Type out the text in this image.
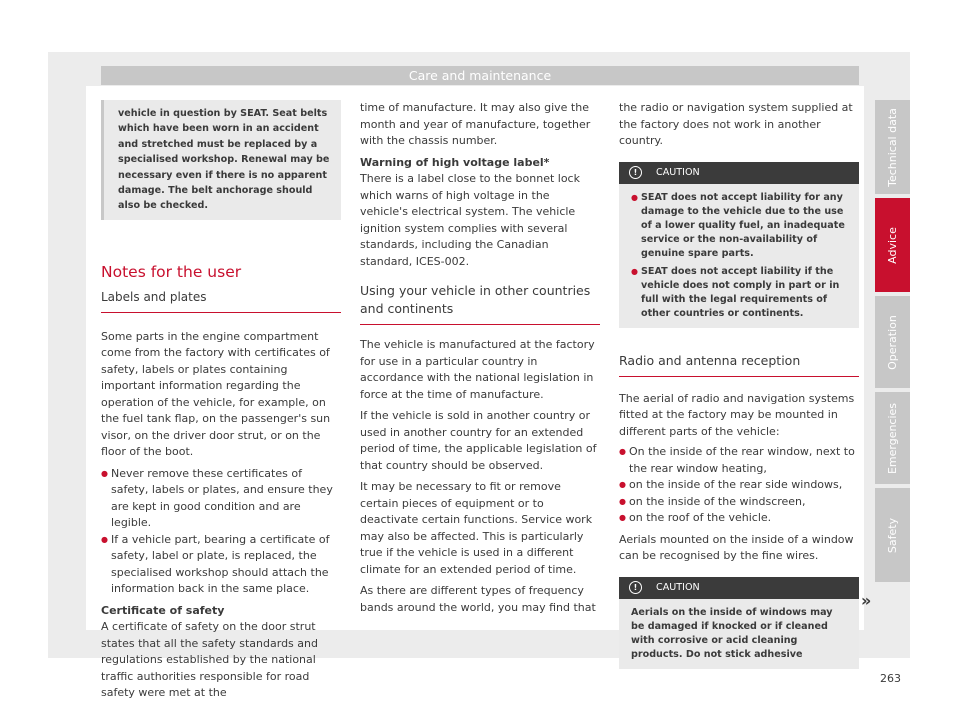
Care and maintenance
vehicle in question by SEAT. Seat belts which have been worn in an accident and stretched must be replaced by a specialised workshop. Renewal may be necessary even if there is no apparent damage. The belt anchorage should also be checked.

Notes for the user

Labels and plates

Some parts in the engine compartment come from the factory with certificates of safety, labels or plates containing important information regarding the operation of the vehicle, for example, on the fuel tank flap, on the passenger's sun visor, on the driver door strut, or on the floor of the boot.

● Never remove these certificates of safety, labels or plates, and ensure they are kept in good condition and are legible.

● If a vehicle part, bearing a certificate of safety, label or plate, is replaced, the specialised workshop should attach the information back in the same place.

Certificate of safety

A certificate of safety on the door strut states that all the safety standards and regulations established by the national traffic authorities responsible for road safety were met at the

time of manufacture. It may also give the month and year of manufacture, together with the chassis number.

Warning of high voltage label*

There is a label close to the bonnet lock which warns of high voltage in the vehicle's electrical system. The vehicle ignition system complies with several standards, including the Canadian standard, ICES-002.

Using your vehicle in other countries and continents

The vehicle is manufactured at the factory for use in a particular country in accordance with the national legislation in force at the time of manufacture.

If the vehicle is sold in another country or used in another country for an extended period of time, the applicable legislation of that country should be observed.

It may be necessary to fit or remove certain pieces of equipment or to deactivate certain functions. Service work may also be affected. This is particularly true if the vehicle is used in a different climate for an extended period of time.

As there are different types of frequency bands around the world, you may find that

the radio or navigation system supplied at the factory does not work in another country.

!	CAUTION
● SEAT does not accept liability for any damage to the vehicle due to the use of a lower quality fuel, an inadequate service or the non-availability of genuine spare parts.
● SEAT does not accept liability if the vehicle does not comply in part or in full with the legal requirements of other countries or continents.

Radio and antenna reception

The aerial of radio and navigation systems fitted at the factory may be mounted in different parts of the vehicle:

● On the inside of the rear window, next to the rear window heating,

● on the inside of the rear side windows,

● on the inside of the windscreen,

● on the roof of the vehicle.

Aerials mounted on the inside of a window can be recognised by the fine wires.

!	CAUTION
Aerials on the inside of windows may be damaged if knocked or if cleaned with corrosive or acid cleaning products. Do not stick adhesive
»
Technical data
Advice
Operation
Emergencies
Safety
263
